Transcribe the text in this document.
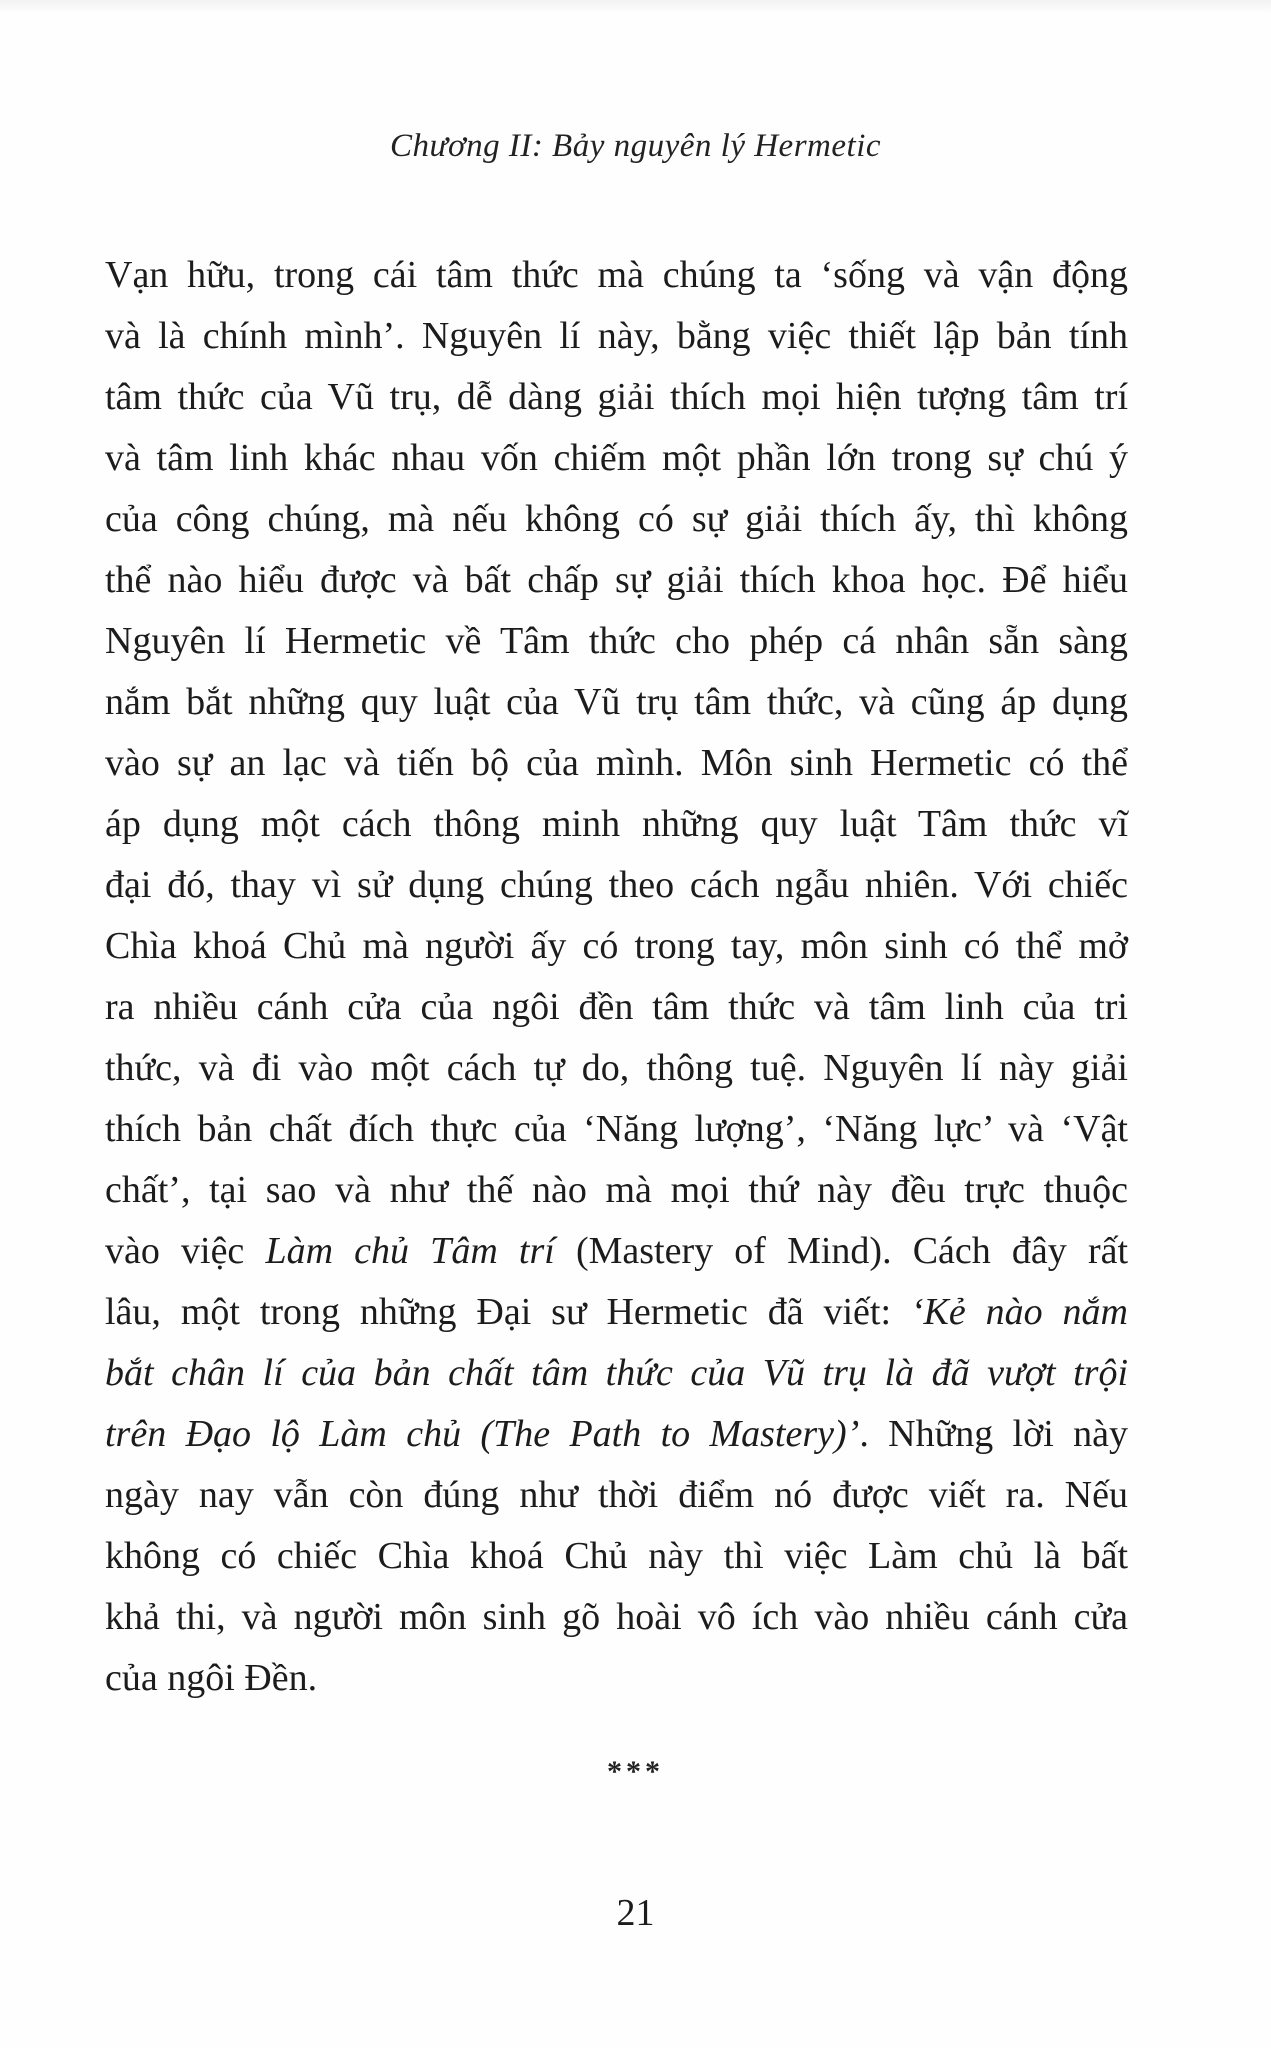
Chương II: Bảy nguyên lý Hermetic
Vạn hữu, trong cái tâm thức mà chúng ta ‘sống và vận động
và là chính mình’. Nguyên lí này, bằng việc thiết lập bản tính
tâm thức của Vũ trụ, dễ dàng giải thích mọi hiện tượng tâm trí
và tâm linh khác nhau vốn chiếm một phần lớn trong sự chú ý
của công chúng, mà nếu không có sự giải thích ấy, thì không
thể nào hiểu được và bất chấp sự giải thích khoa học. Để hiểu
Nguyên lí Hermetic về Tâm thức cho phép cá nhân sẵn sàng
nắm bắt những quy luật của Vũ trụ tâm thức, và cũng áp dụng
vào sự an lạc và tiến bộ của mình. Môn sinh Hermetic có thể
áp dụng một cách thông minh những quy luật Tâm thức vĩ
đại đó, thay vì sử dụng chúng theo cách ngẫu nhiên. Với chiếc
Chìa khoá Chủ mà người ấy có trong tay, môn sinh có thể mở
ra nhiều cánh cửa của ngôi đền tâm thức và tâm linh của tri
thức, và đi vào một cách tự do, thông tuệ. Nguyên lí này giải
thích bản chất đích thực của ‘Năng lượng’, ‘Năng lực’ và ‘Vật
chất’, tại sao và như thế nào mà mọi thứ này đều trực thuộc
vào việc Làm chủ Tâm trí (Mastery of Mind). Cách đây rất
lâu, một trong những Đại sư Hermetic đã viết: ‘Kẻ nào nắm
bắt chân lí của bản chất tâm thức của Vũ trụ là đã vượt trội
trên Đạo lộ Làm chủ (The Path to Mastery)’. Những lời này
ngày nay vẫn còn đúng như thời điểm nó được viết ra. Nếu
không có chiếc Chìa khoá Chủ này thì việc Làm chủ là bất
khả thi, và người môn sinh gõ hoài vô ích vào nhiều cánh cửa
của ngôi Đền.
***
21
